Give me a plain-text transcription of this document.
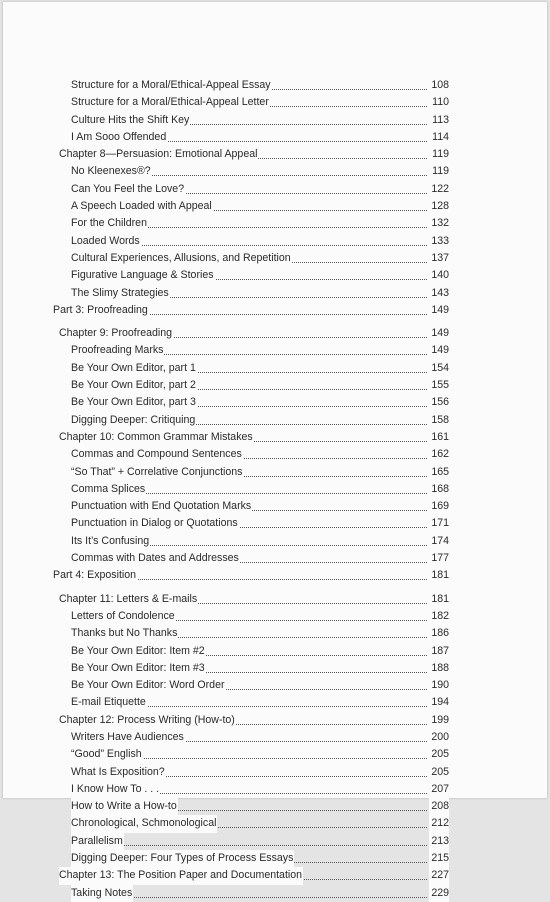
Structure for a Moral/Ethical-Appeal Essay	108
Structure for a Moral/Ethical-Appeal Letter	110
Culture Hits the Shift Key	113
I Am Sooo Offended	114
Chapter 8—Persuasion: Emotional Appeal	119
No Kleenexes®?	119
Can You Feel the Love?	122
A Speech Loaded with Appeal	128
For the Children	132
Loaded Words	133
Cultural Experiences, Allusions, and Repetition	137
Figurative Language & Stories	140
The Slimy Strategies	143
Part 3: Proofreading	149
Chapter 9: Proofreading	149
Proofreading Marks	149
Be Your Own Editor, part 1	154
Be Your Own Editor, part 2	155
Be Your Own Editor, part 3	156
Digging Deeper: Critiquing	158
Chapter 10: Common Grammar Mistakes	161
Commas and Compound Sentences	162
“So That” + Correlative Conjunctions	165
Comma Splices	168
Punctuation with End Quotation Marks	169
Punctuation in Dialog or Quotations	171
Its It’s Confusing	174
Commas with Dates and Addresses	177
Part 4: Exposition	181
Chapter 11: Letters & E-mails	181
Letters of Condolence	182
Thanks but No Thanks	186
Be Your Own Editor: Item #2	187
Be Your Own Editor: Item #3	188
Be Your Own Editor: Word Order	190
E-mail Etiquette	194
Chapter 12: Process Writing (How-to)	199
Writers Have Audiences	200
“Good” English	205
What Is Exposition?	205
I Know How To . . .	207
How to Write a How-to	208
Chronological, Schmonological	212
Parallelism	213
Digging Deeper: Four Types of Process Essays	215
Chapter 13: The Position Paper and Documentation	227
Taking Notes	229
